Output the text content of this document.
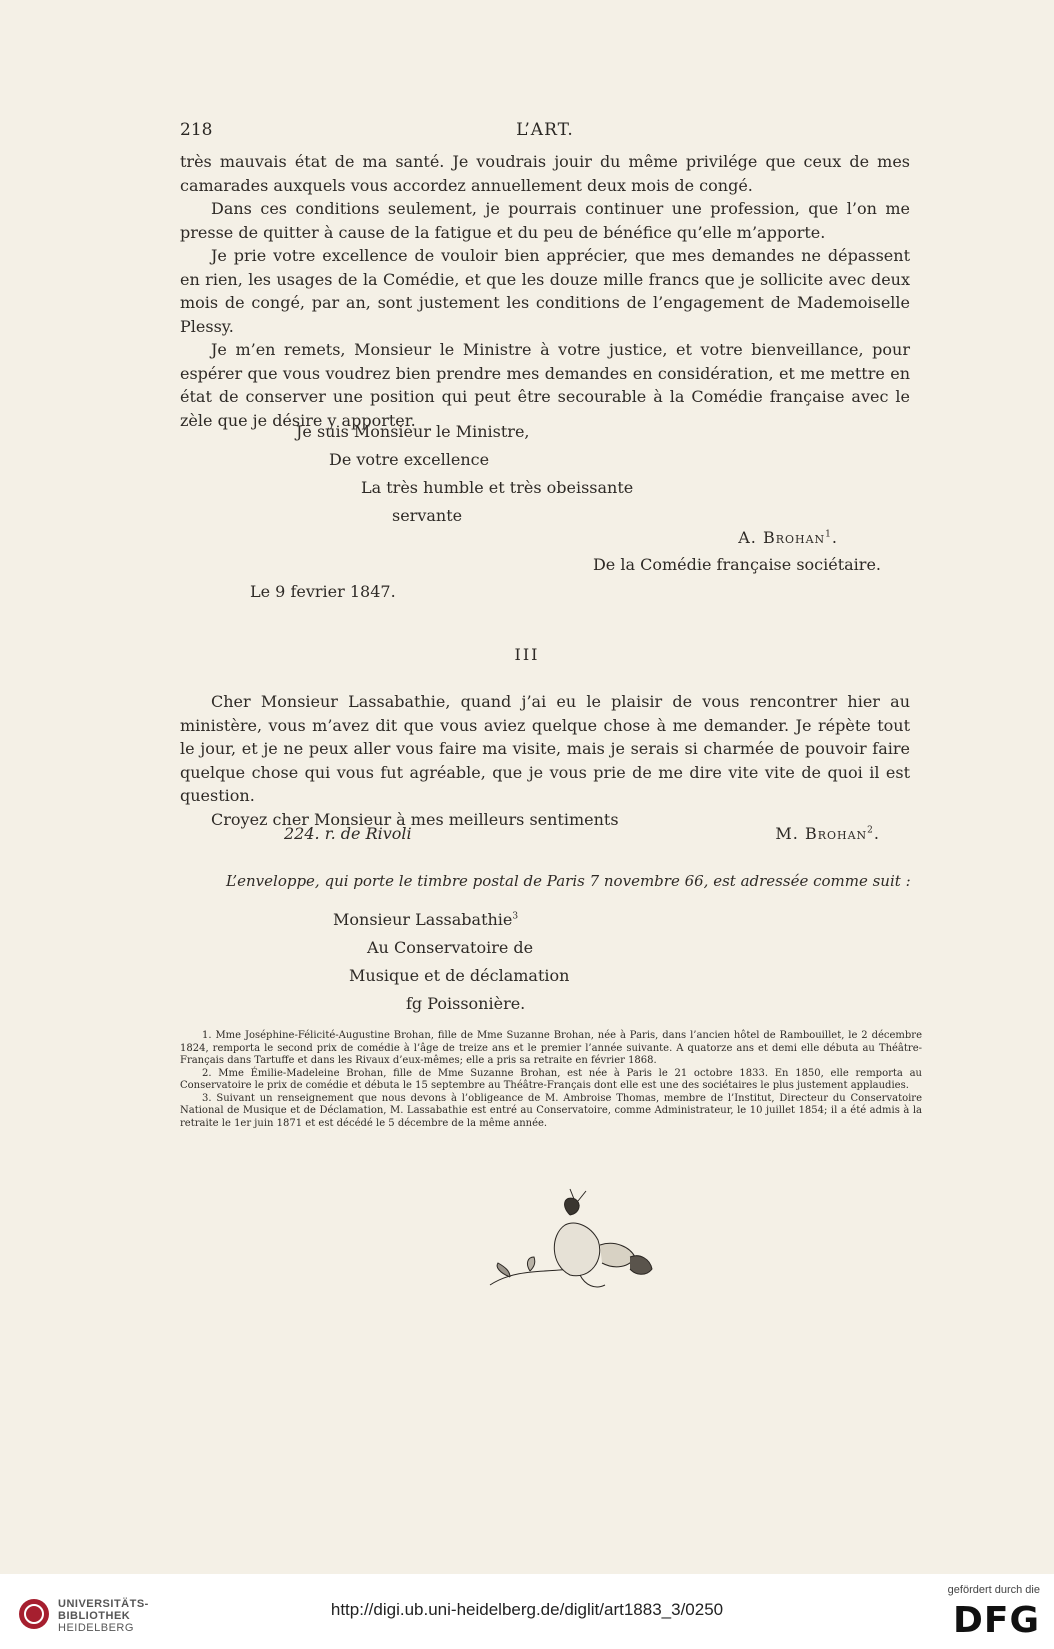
218	L’ART.

très mauvais état de ma santé. Je voudrais jouir du même privilége que ceux de mes camarades auxquels vous accordez annuellement deux mois de congé.

Dans ces conditions seulement, je pourrais continuer une profession, que l’on me presse de quitter à cause de la fatigue et du peu de bénéfice qu’elle m’apporte.

Je prie votre excellence de vouloir bien apprécier, que mes demandes ne dépassent en rien, les usages de la Comédie, et que les douze mille francs que je sollicite avec deux mois de congé, par an, sont justement les conditions de l’engagement de Mademoiselle Plessy.

Je m’en remets, Monsieur le Ministre à votre justice, et votre bienveillance, pour espérer que vous voudrez bien prendre mes demandes en considération, et me mettre en état de conserver une position qui peut être secourable à la Comédie française avec le zèle que je désire y apporter.

Je suis Monsieur le Ministre,
De votre excellence
La très humble et très obeissante
servante
A. Brohan$^1$.
De la Comédie française sociétaire.
Le 9 fevrier 1847.
III

Cher Monsieur Lassabathie, quand j’ai eu le plaisir de vous rencontrer hier au ministère, vous m’avez dit que vous aviez quelque chose à me demander. Je répète tout le jour, et je ne peux aller vous faire ma visite, mais je serais si charmée de pouvoir faire quelque chose qui vous fut agréable, que je vous prie de me dire vite vite de quoi il est question.

Croyez cher Monsieur à mes meilleurs sentiments

224. r. de Rivoli	M. Brohan$^2$.
L’enveloppe, qui porte le timbre postal de Paris 7 novembre 66, est adressée comme suit :
Monsieur Lassabathie$^3$
Au Conservatoire de
Musique et de déclamation
fg Poissonière.

1. Mme Joséphine-Félicité-Augustine Brohan, fille de Mme Suzanne Brohan, née à Paris, dans l’ancien hôtel de Rambouillet, le 2 décembre 1824, remporta le second prix de comédie à l’âge de treize ans et le premier l’année suivante. A quatorze ans et demi elle débuta au Théâtre-Français dans Tartuffe et dans les Rivaux d’eux-mêmes; elle a pris sa retraite en février 1868.

2. Mme Émilie-Madeleine Brohan, fille de Mme Suzanne Brohan, est née à Paris le 21 octobre 1833. En 1850, elle remporta au Conservatoire le prix de comédie et débuta le 15 septembre au Théâtre-Français dont elle est une des sociétaires le plus justement applaudies.

3. Suivant un renseignement que nous devons à l’obligeance de M. Ambroise Thomas, membre de l’Institut, Directeur du Conservatoire National de Musique et de Déclamation, M. Lassabathie est entré au Conservatoire, comme Administrateur, le 10 juillet 1854; il a été admis à la retraite le 1er juin 1871 et est décédé le 5 décembre de la même année.

UNIVERSITÄTS-
BIBLIOTHEK
HEIDELBERG
http://digi.ub.uni-heidelberg.de/diglit/art1883_3/0250
gefördert durch die
DFG
